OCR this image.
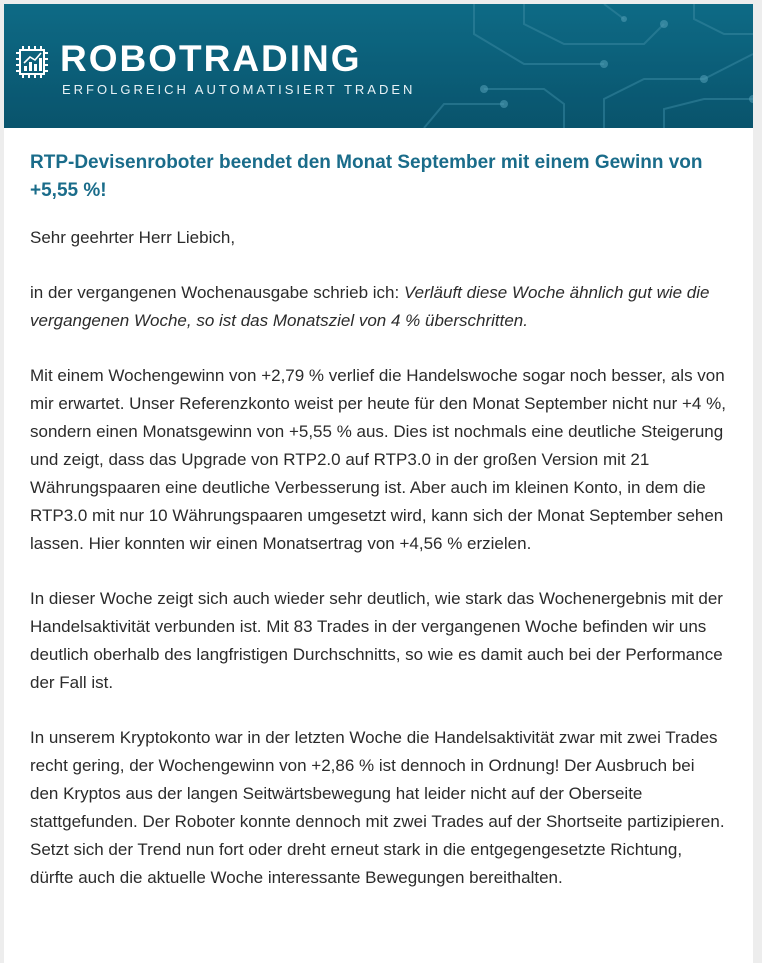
ROBOTRADING
ERFOLGREICH AUTOMATISIERT TRADEN
RTP-Devisenroboter beendet den Monat September mit einem Gewinn von +5,55 %!

Sehr geehrter Herr Liebich,

in der vergangenen Wochenausgabe schrieb ich: Verläuft diese Woche ähnlich gut wie die vergangenen Woche, so ist das Monatsziel von 4 % überschritten.

Mit einem Wochengewinn von +2,79 % verlief die Handelswoche sogar noch besser, als von mir erwartet. Unser Referenzkonto weist per heute für den Monat September nicht nur +4 %, sondern einen Monatsgewinn von +5,55 % aus. Dies ist nochmals eine deutliche Steigerung und zeigt, dass das Upgrade von RTP2.0 auf RTP3.0 in der großen Version mit 21 Währungspaaren eine deutliche Verbesserung ist. Aber auch im kleinen Konto, in dem die RTP3.0 mit nur 10 Währungspaaren umgesetzt wird, kann sich der Monat September sehen lassen. Hier konnten wir einen Monatsertrag von +4,56 % erzielen.

In dieser Woche zeigt sich auch wieder sehr deutlich, wie stark das Wochenergebnis mit der Handelsaktivität verbunden ist. Mit 83 Trades in der vergangenen Woche befinden wir uns deutlich oberhalb des langfristigen Durchschnitts, so wie es damit auch bei der Performance der Fall ist.

In unserem Kryptokonto war in der letzten Woche die Handelsaktivität zwar mit zwei Trades recht gering, der Wochengewinn von +2,86 % ist dennoch in Ordnung! Der Ausbruch bei den Kryptos aus der langen Seitwärtsbewegung hat leider nicht auf der Oberseite stattgefunden. Der Roboter konnte dennoch mit zwei Trades auf der Shortseite partizipieren. Setzt sich der Trend nun fort oder dreht erneut stark in die entgegengesetzte Richtung, dürfte auch die aktuelle Woche interessante Bewegungen bereithalten.
